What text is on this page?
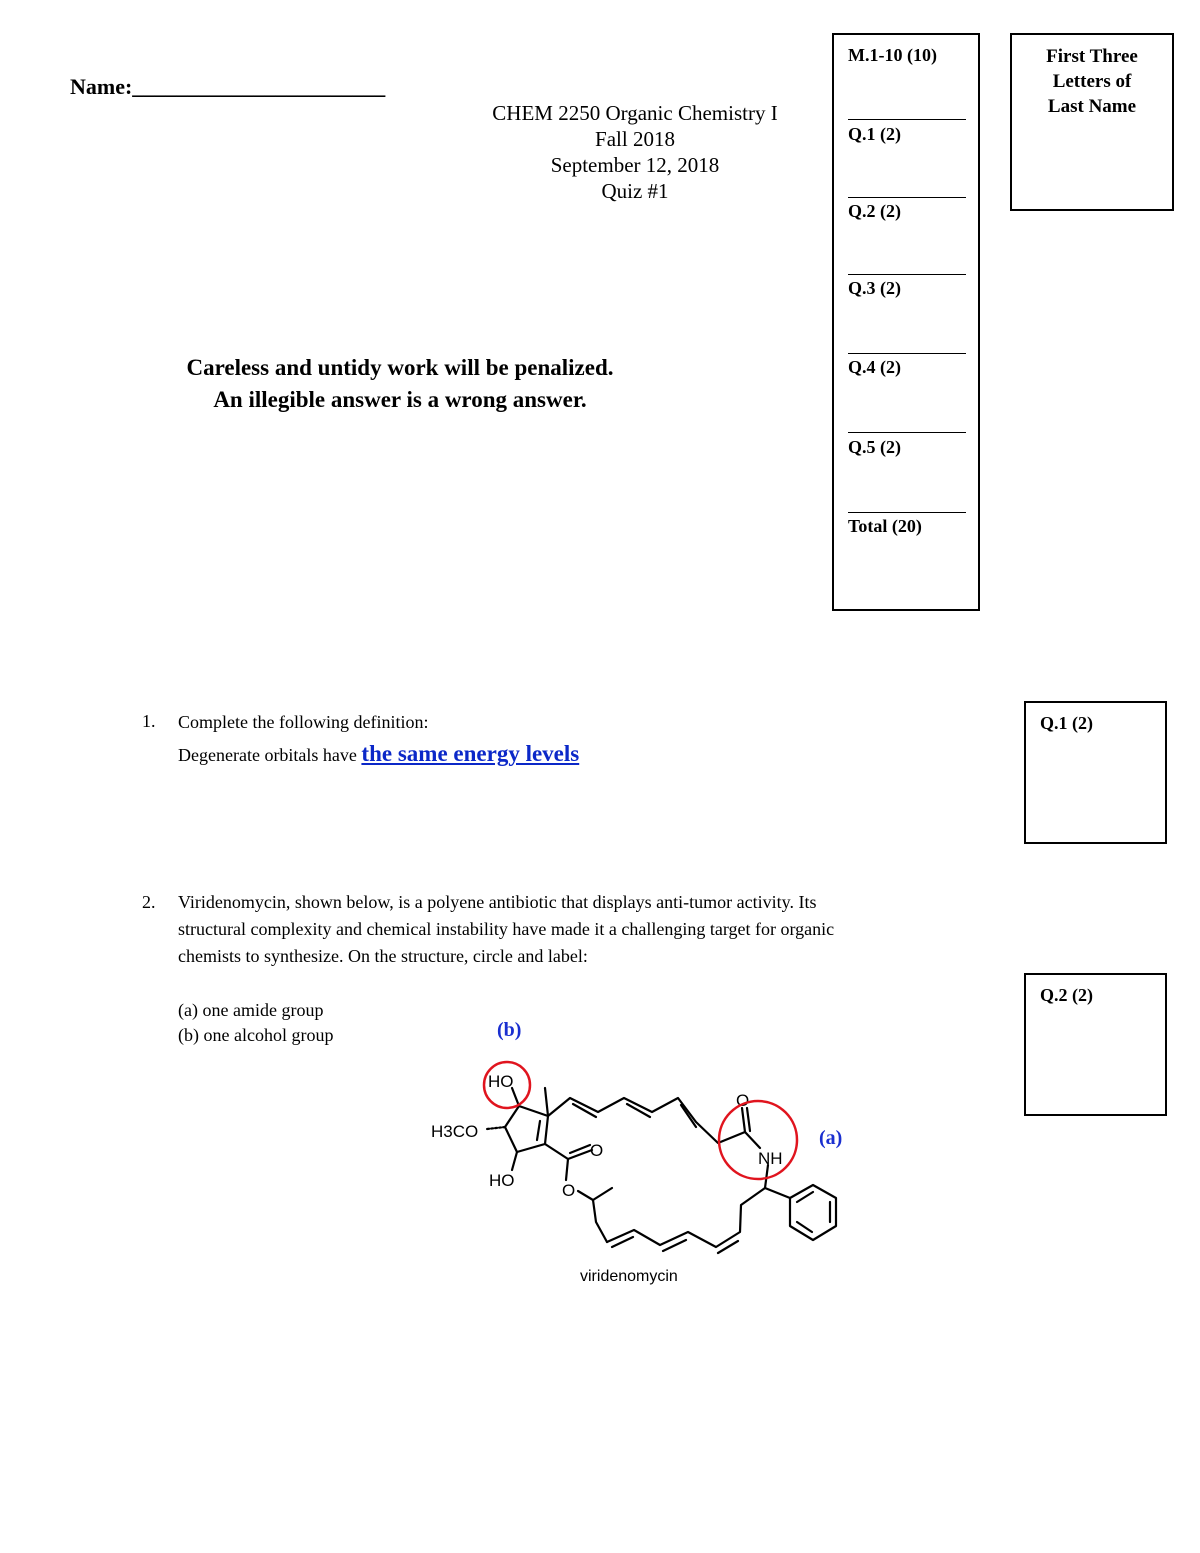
Name:_______________________
CHEM 2250 Organic Chemistry I
Fall 2018
September 12, 2018
Quiz #1
Careless and untidy work will be penalized.
An illegible answer is a wrong answer.
M.1-10 (10)
Q.1 (2)
Q.2 (2)
Q.3 (2)
Q.4 (2)
Q.5 (2)
Total (20)
First Three
Letters of
Last Name
1. Complete the following definition:
Degenerate orbitals have the same energy levels
Q.1 (2)
2. Viridenomycin, shown below, is a polyene antibiotic that displays anti-tumor activity. Its
structural complexity and chemical instability have made it a challenging target for organic
chemists to synthesize. On the structure, circle and label:
(a) one amide group
(b) one alcohol group
Q.2 (2)
(b)
(a)
HO
H3CO
HO
O
O
O
NH
viridenomycin
